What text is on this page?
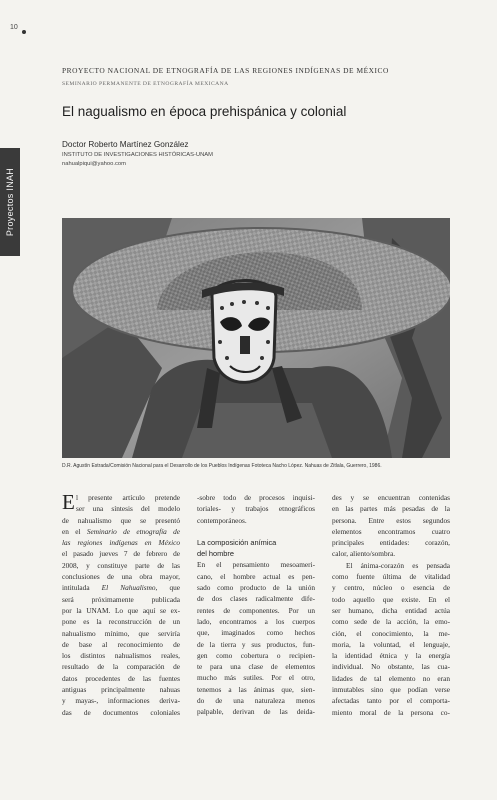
10
Proyectos INAH
PROYECTO NACIONAL DE ETNOGRAFÍA DE LAS REGIONES INDÍGENAS DE MÉXICO
SEMINARIO PERMANENTE DE ETNOGRAFÍA MEXICANA
El nagualismo en época prehispánica y colonial
Doctor Roberto Martínez González
INSTITUTO DE INVESTIGACIONES HISTÓRICAS-UNAM
nahualpiqui@yahoo.com
D.R. Agustín Estrada/Comisión Nacional para el Desarrollo de los Pueblos Indígenas Fototeca Nacho López. Nahuas de Zitlala, Guerrero, 1986.
E l presente artículo pretende
ser una síntesis del modelo
de nahualismo que se presentó
en el Seminario de etnografía de
las regiones indígenas en México
el pasado jueves 7 de febrero de
2008, y constituye parte de las
conclusiones de una obra mayor,
intitulada El Nahualismo, que
será próximamente publicada
por la UNAM. Lo que aquí se ex-
pone es la reconstrucción de un
nahualismo mínimo, que serviría
de base al reconocimiento de
los distintos nahualismos reales,
resultado de la comparación de
datos procedentes de las fuentes
antiguas principalmente nahuas
y mayas-, informaciones deriva-
das de documentos coloniales
-sobre todo de procesos inquisi-
toriales- y trabajos etnográficos
contemporáneos.
La composición anímica
del hombre
En el pensamiento mesoameri-
cano, el hombre actual es pen-
sado como producto de la unión
de dos clases radicalmente dife-
rentes de componentes. Por un
lado, encontramos a los cuerpos
que, imaginados como hechos
de la tierra y sus productos, fun-
gen como cobertura o recipien-
te para una clase de elementos
mucho más sutiles. Por el otro,
tenemos a las ánimas que, sien-
do de una naturaleza menos
palpable, derivan de las deida-
des y se encuentran contenidas
en las partes más pesadas de la
persona. Entre estos segundos
elementos encontramos cuatro
principales entidades: corazón,
calor, aliento/sombra.
El ánima-corazón es pensada
como fuente última de vitalidad
y centro, núcleo o esencia de
todo aquello que existe. En el
ser humano, dicha entidad actúa
como sede de la acción, la emo-
ción, el conocimiento, la me-
moria, la voluntad, el lenguaje,
la identidad étnica y la energía
individual. No obstante, las cua-
lidades de tal elemento no eran
inmutables sino que podían verse
afectadas tanto por el comporta-
miento moral de la persona co-
